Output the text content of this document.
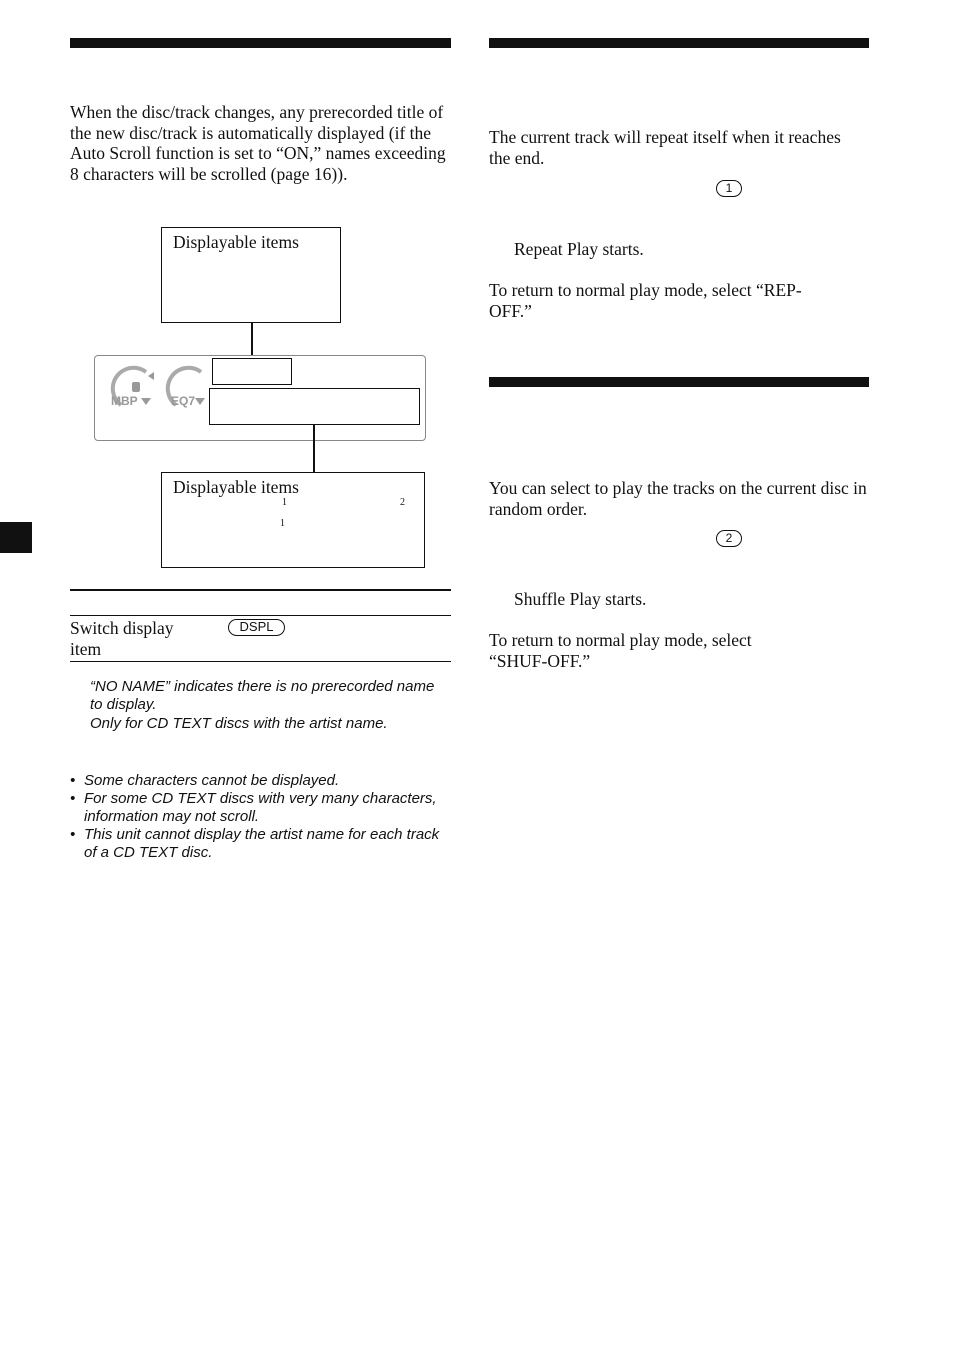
When the disc/track changes, any prerecorded title of the new disc/track is automatically displayed (if the Auto Scroll function is set to “ON,” names exceeding 8 characters will be scrolled (page 16)).
Displayable items
MBP	EQ7
Displayable items
1	2
1
Switch display item
DSPL
“NO NAME” indicates there is no prerecorded name to display.
Only for CD TEXT discs with the artist name.
• Some characters cannot be displayed.
• For some CD TEXT discs with very many characters, information may not scroll.
• This unit cannot display the artist name for each track of a CD TEXT disc.
The current track will repeat itself when it reaches the end.
1
Repeat Play starts.
To return to normal play mode, select “REP-OFF.”
You can select to play the tracks on the current disc in random order.
2
Shuffle Play starts.
To return to normal play mode, select “SHUF-OFF.”
